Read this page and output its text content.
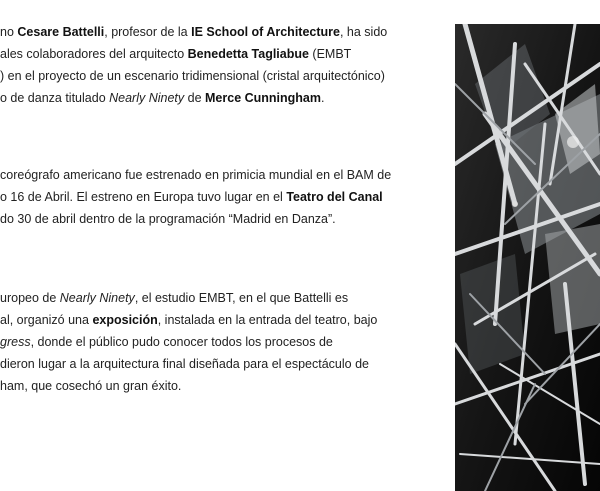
no Cesare Battelli, profesor de la IE School of Architecture, ha sido
ales colaboradores del arquitecto Benedetta Tagliabue (EMBT
) en el proyecto de un escenario tridimensional (cristal arquitectónico)
o de danza titulado Nearly Ninety de Merce Cunningham.

coreógrafo americano fue estrenado en primicia mundial en el BAM de
o 16 de Abril. El estreno en Europa tuvo lugar en el Teatro del Canal
do 30 de abril dentro de la programación “Madrid en Danza”.

uropeo de Nearly Ninety, el estudio EMBT, en el que Battelli es
al, organizó una exposición, instalada en la entrada del teatro, bajo
gress, donde el público pudo conocer todos los procesos de
dieron lugar a la arquitectura final diseñada para el espectáculo de
ham, que cosechó un gran éxito.
